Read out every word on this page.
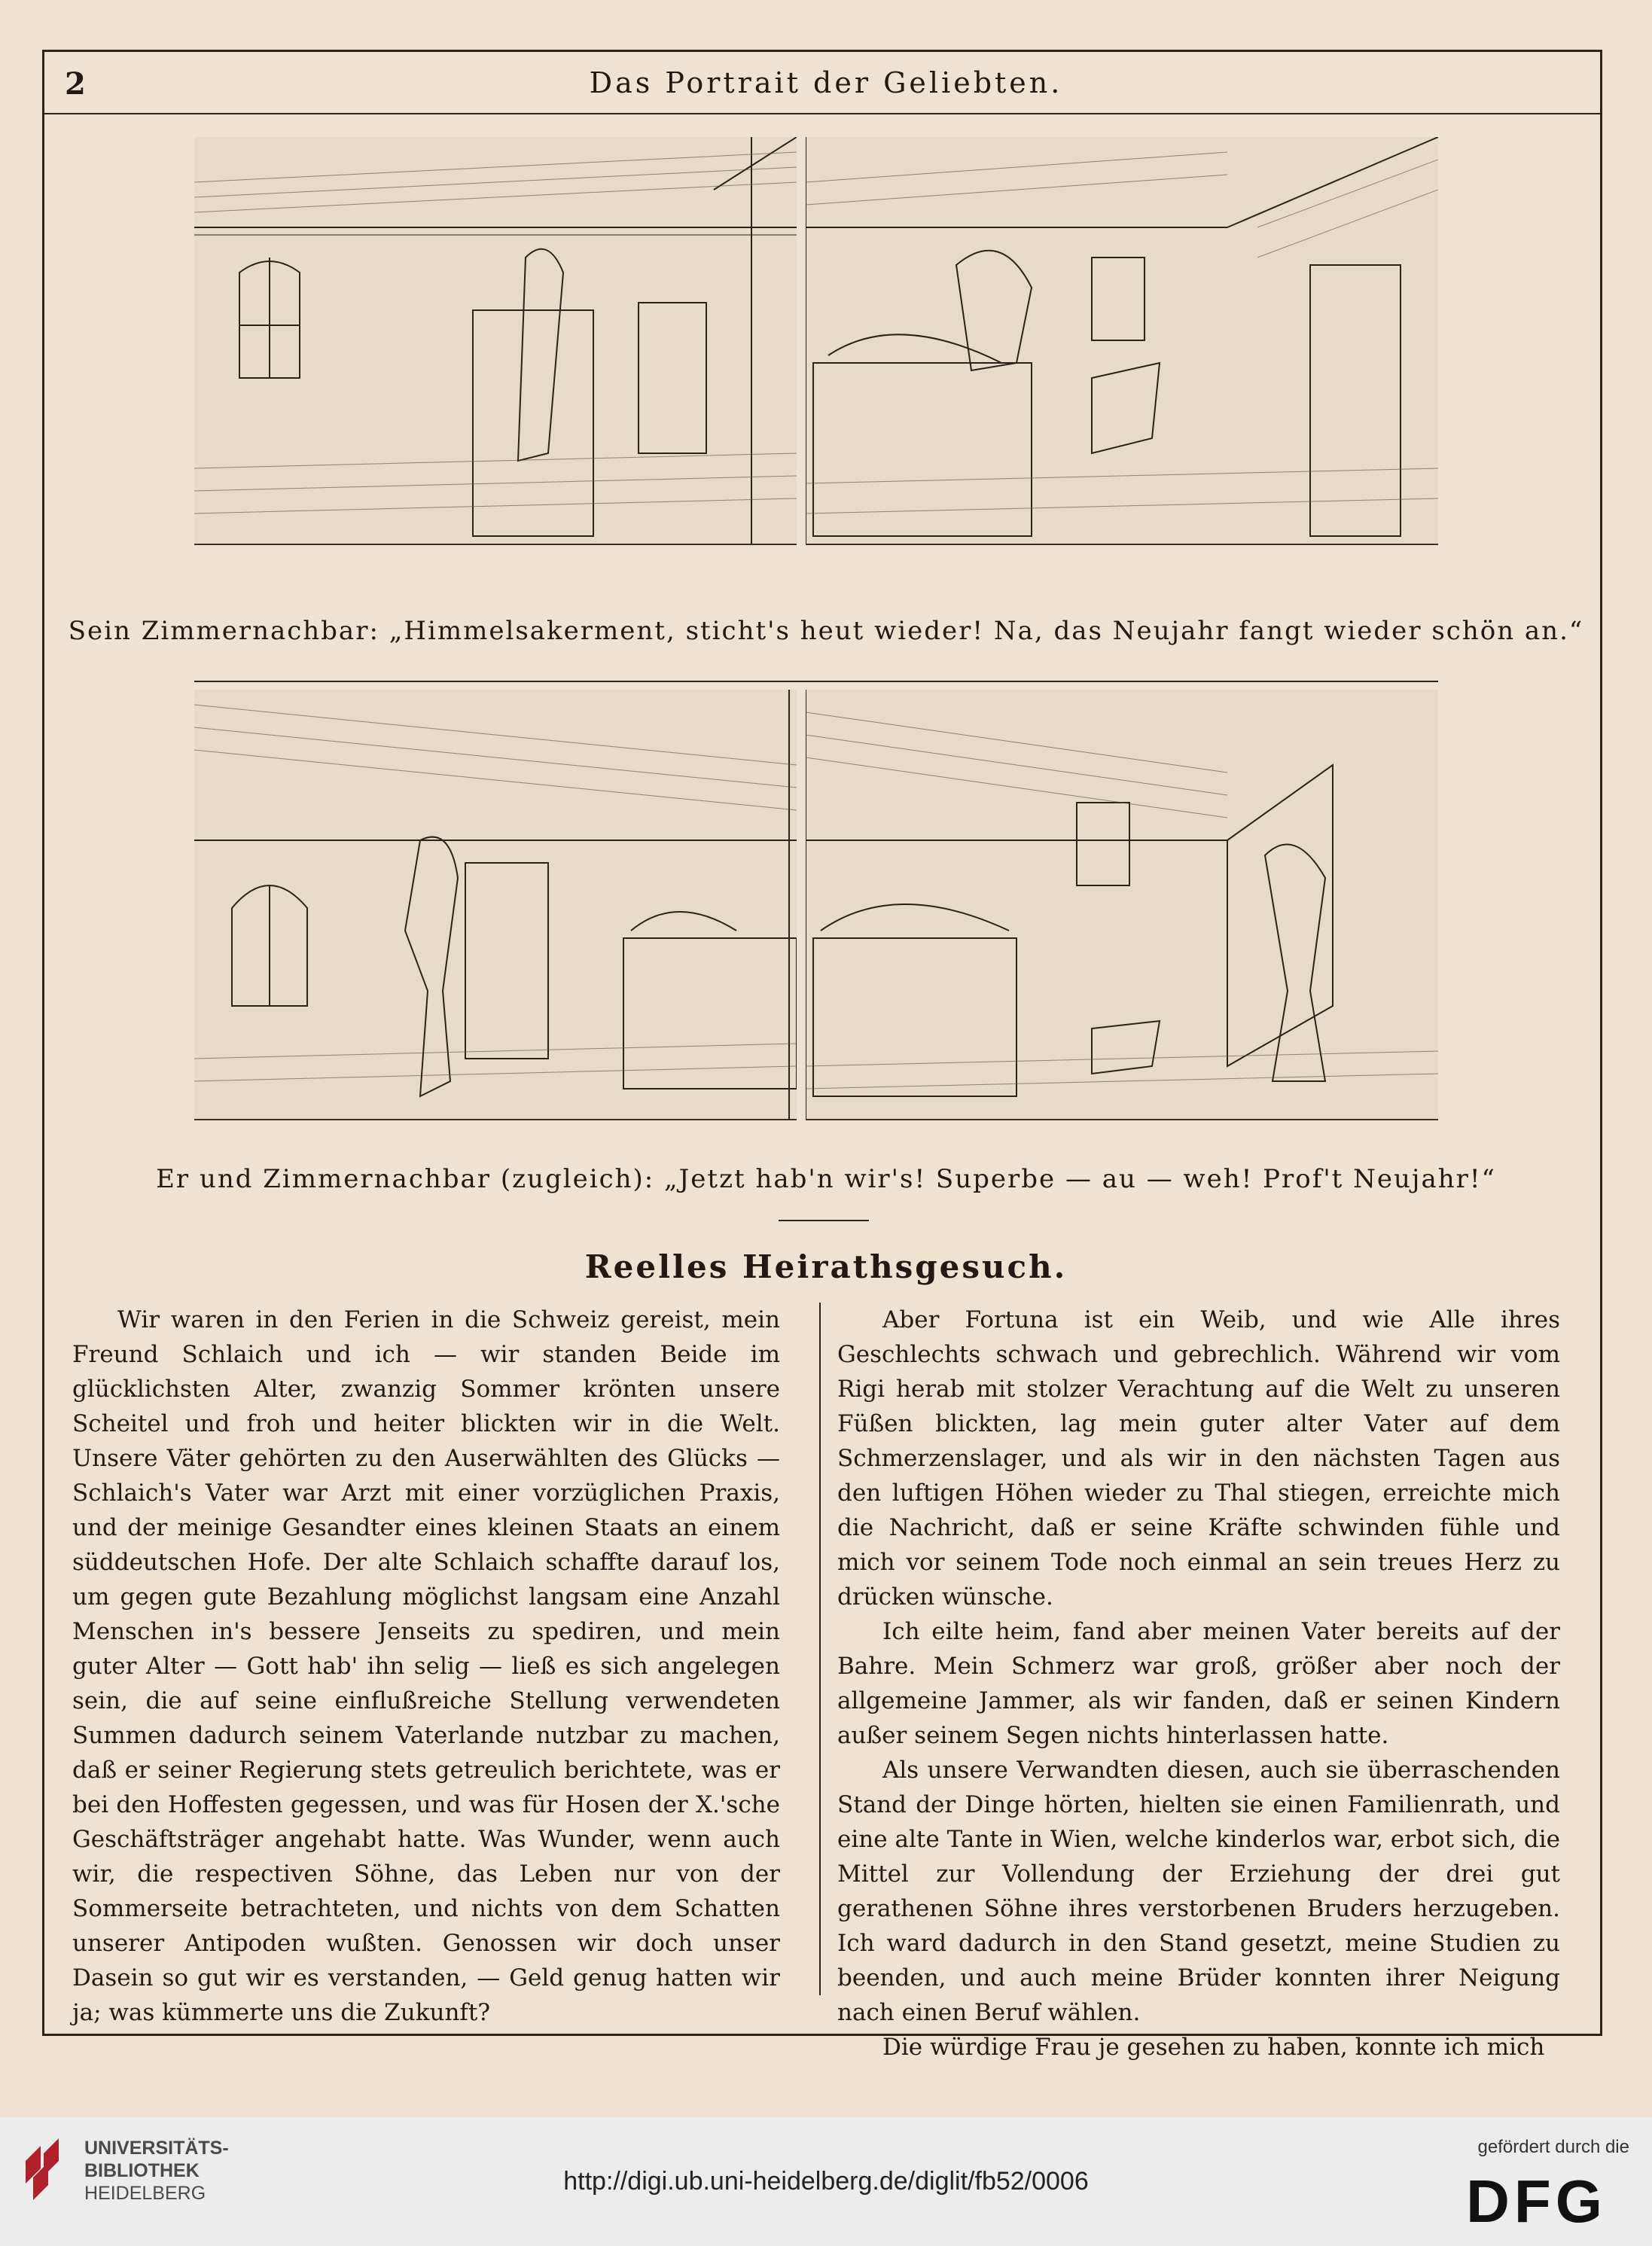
2	Das Portrait der Geliebten.
Sein Zimmernachbar: „Himmelsakerment, sticht's heut wieder! Na, das Neujahr fangt wieder schön an.“
Er und Zimmernachbar (zugleich): „Jetzt hab'n wir's! Superbe — au — weh! Prof't Neujahr!“
Reelles Heirathsgesuch.

Wir waren in den Ferien in die Schweiz gereist, mein Freund Schlaich und ich — wir standen Beide im glücklichsten Alter, zwanzig Sommer krönten unsere Scheitel und froh und heiter blickten wir in die Welt. Unsere Väter gehörten zu den Auserwählten des Glücks — Schlaich's Vater war Arzt mit einer vorzüglichen Praxis, und der meinige Gesandter eines kleinen Staats an einem süddeutschen Hofe. Der alte Schlaich schaffte darauf los, um gegen gute Bezahlung möglichst langsam eine Anzahl Menschen in's bessere Jenseits zu spediren, und mein guter Alter — Gott hab' ihn selig — ließ es sich angelegen sein, die auf seine einflußreiche Stellung verwendeten Summen dadurch seinem Vaterlande nutzbar zu machen, daß er seiner Regierung stets getreulich berichtete, was er bei den Hoffesten gegessen, und was für Hosen der X.'sche Geschäftsträger angehabt hatte. Was Wunder, wenn auch wir, die respectiven Söhne, das Leben nur von der Sommerseite betrachteten, und nichts von dem Schatten unserer Antipoden wußten. Genossen wir doch unser Dasein so gut wir es verstanden, — Geld genug hatten wir ja; was kümmerte uns die Zukunft?

Aber Fortuna ist ein Weib, und wie Alle ihres Geschlechts schwach und gebrechlich. Während wir vom Rigi herab mit stolzer Verachtung auf die Welt zu unseren Füßen blickten, lag mein guter alter Vater auf dem Schmerzenslager, und als wir in den nächsten Tagen aus den luftigen Höhen wieder zu Thal stiegen, erreichte mich die Nachricht, daß er seine Kräfte schwinden fühle und mich vor seinem Tode noch einmal an sein treues Herz zu drücken wünsche.

Ich eilte heim, fand aber meinen Vater bereits auf der Bahre. Mein Schmerz war groß, größer aber noch der allgemeine Jammer, als wir fanden, daß er seinen Kindern außer seinem Segen nichts hinterlassen hatte.

Als unsere Verwandten diesen, auch sie überraschenden Stand der Dinge hörten, hielten sie einen Familienrath, und eine alte Tante in Wien, welche kinderlos war, erbot sich, die Mittel zur Vollendung der Erziehung der drei gut gerathenen Söhne ihres verstorbenen Bruders herzugeben. Ich ward dadurch in den Stand gesetzt, meine Studien zu beenden, und auch meine Brüder konnten ihrer Neigung nach einen Beruf wählen.

Die würdige Frau je gesehen zu haben, konnte ich mich

UNIVERSITÄTS-
BIBLIOTHEK
HEIDELBERG	http://digi.ub.uni-heidelberg.de/diglit/fb52/0006
gefördert durch die
DFG
